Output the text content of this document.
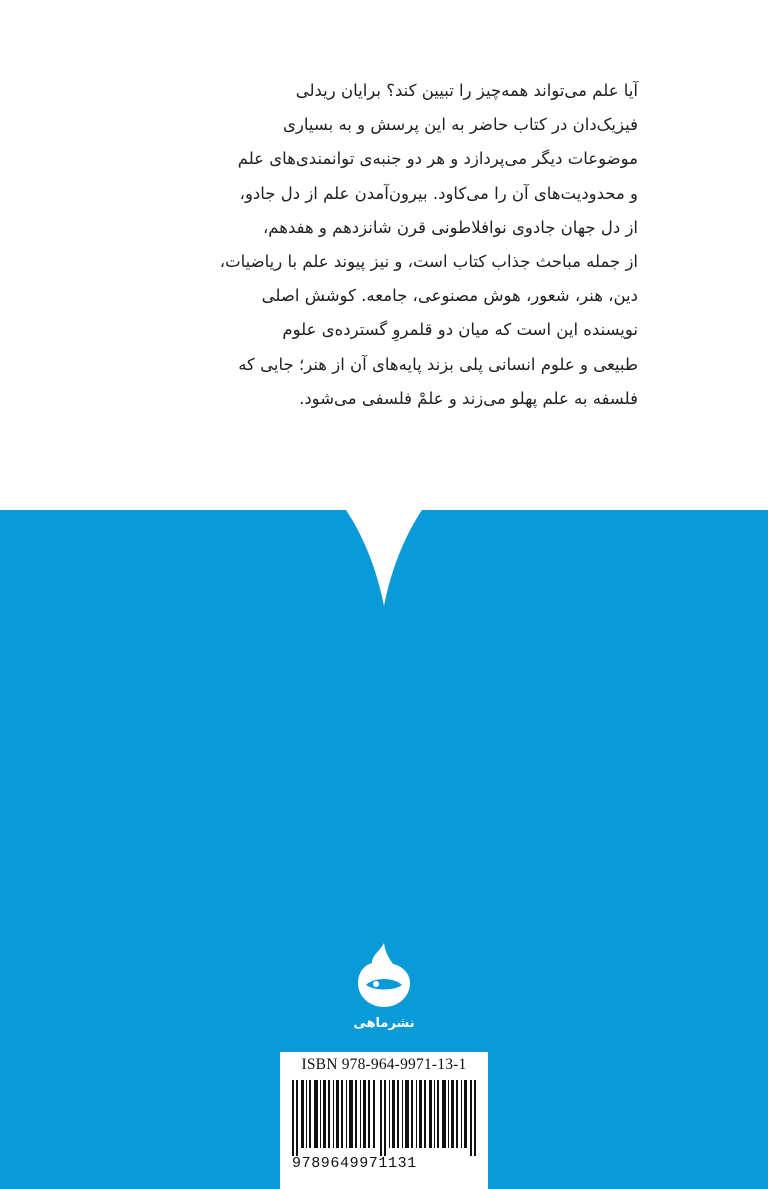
آیا علم می‌تواند همه‌چیز را تبیین کند؟ برایان ریدلی

فیزیک‌دان در کتاب حاضر به این پرسش و به بسیاری

موضوعات دیگر می‌پردازد و هر دو جنبه‌ی توانمندی‌های علم

و محدودیت‌های آن را می‌کاود. بیرون‌آمدن علم از دل جادو،

از دل جهان جادوی نوافلاطونی قرن شانزدهم و هفدهم،

از جمله مباحث جذاب کتاب است، و نیز پیوند علم با ریاضیات،

دین، هنر، شعور، هوش مصنوعی، جامعه. کوشش اصلی

نویسنده این است که میان دو قلمروِ گسترده‌ی علوم

طبیعی و علوم انسانی پلی بزند پایه‌های آن از هنر؛ جایی که

فلسفه به علم پهلو می‌زند و علمْ فلسفی می‌شود.

نشرماهی
ISBN 978-964-9971-13-1
9789649971131
